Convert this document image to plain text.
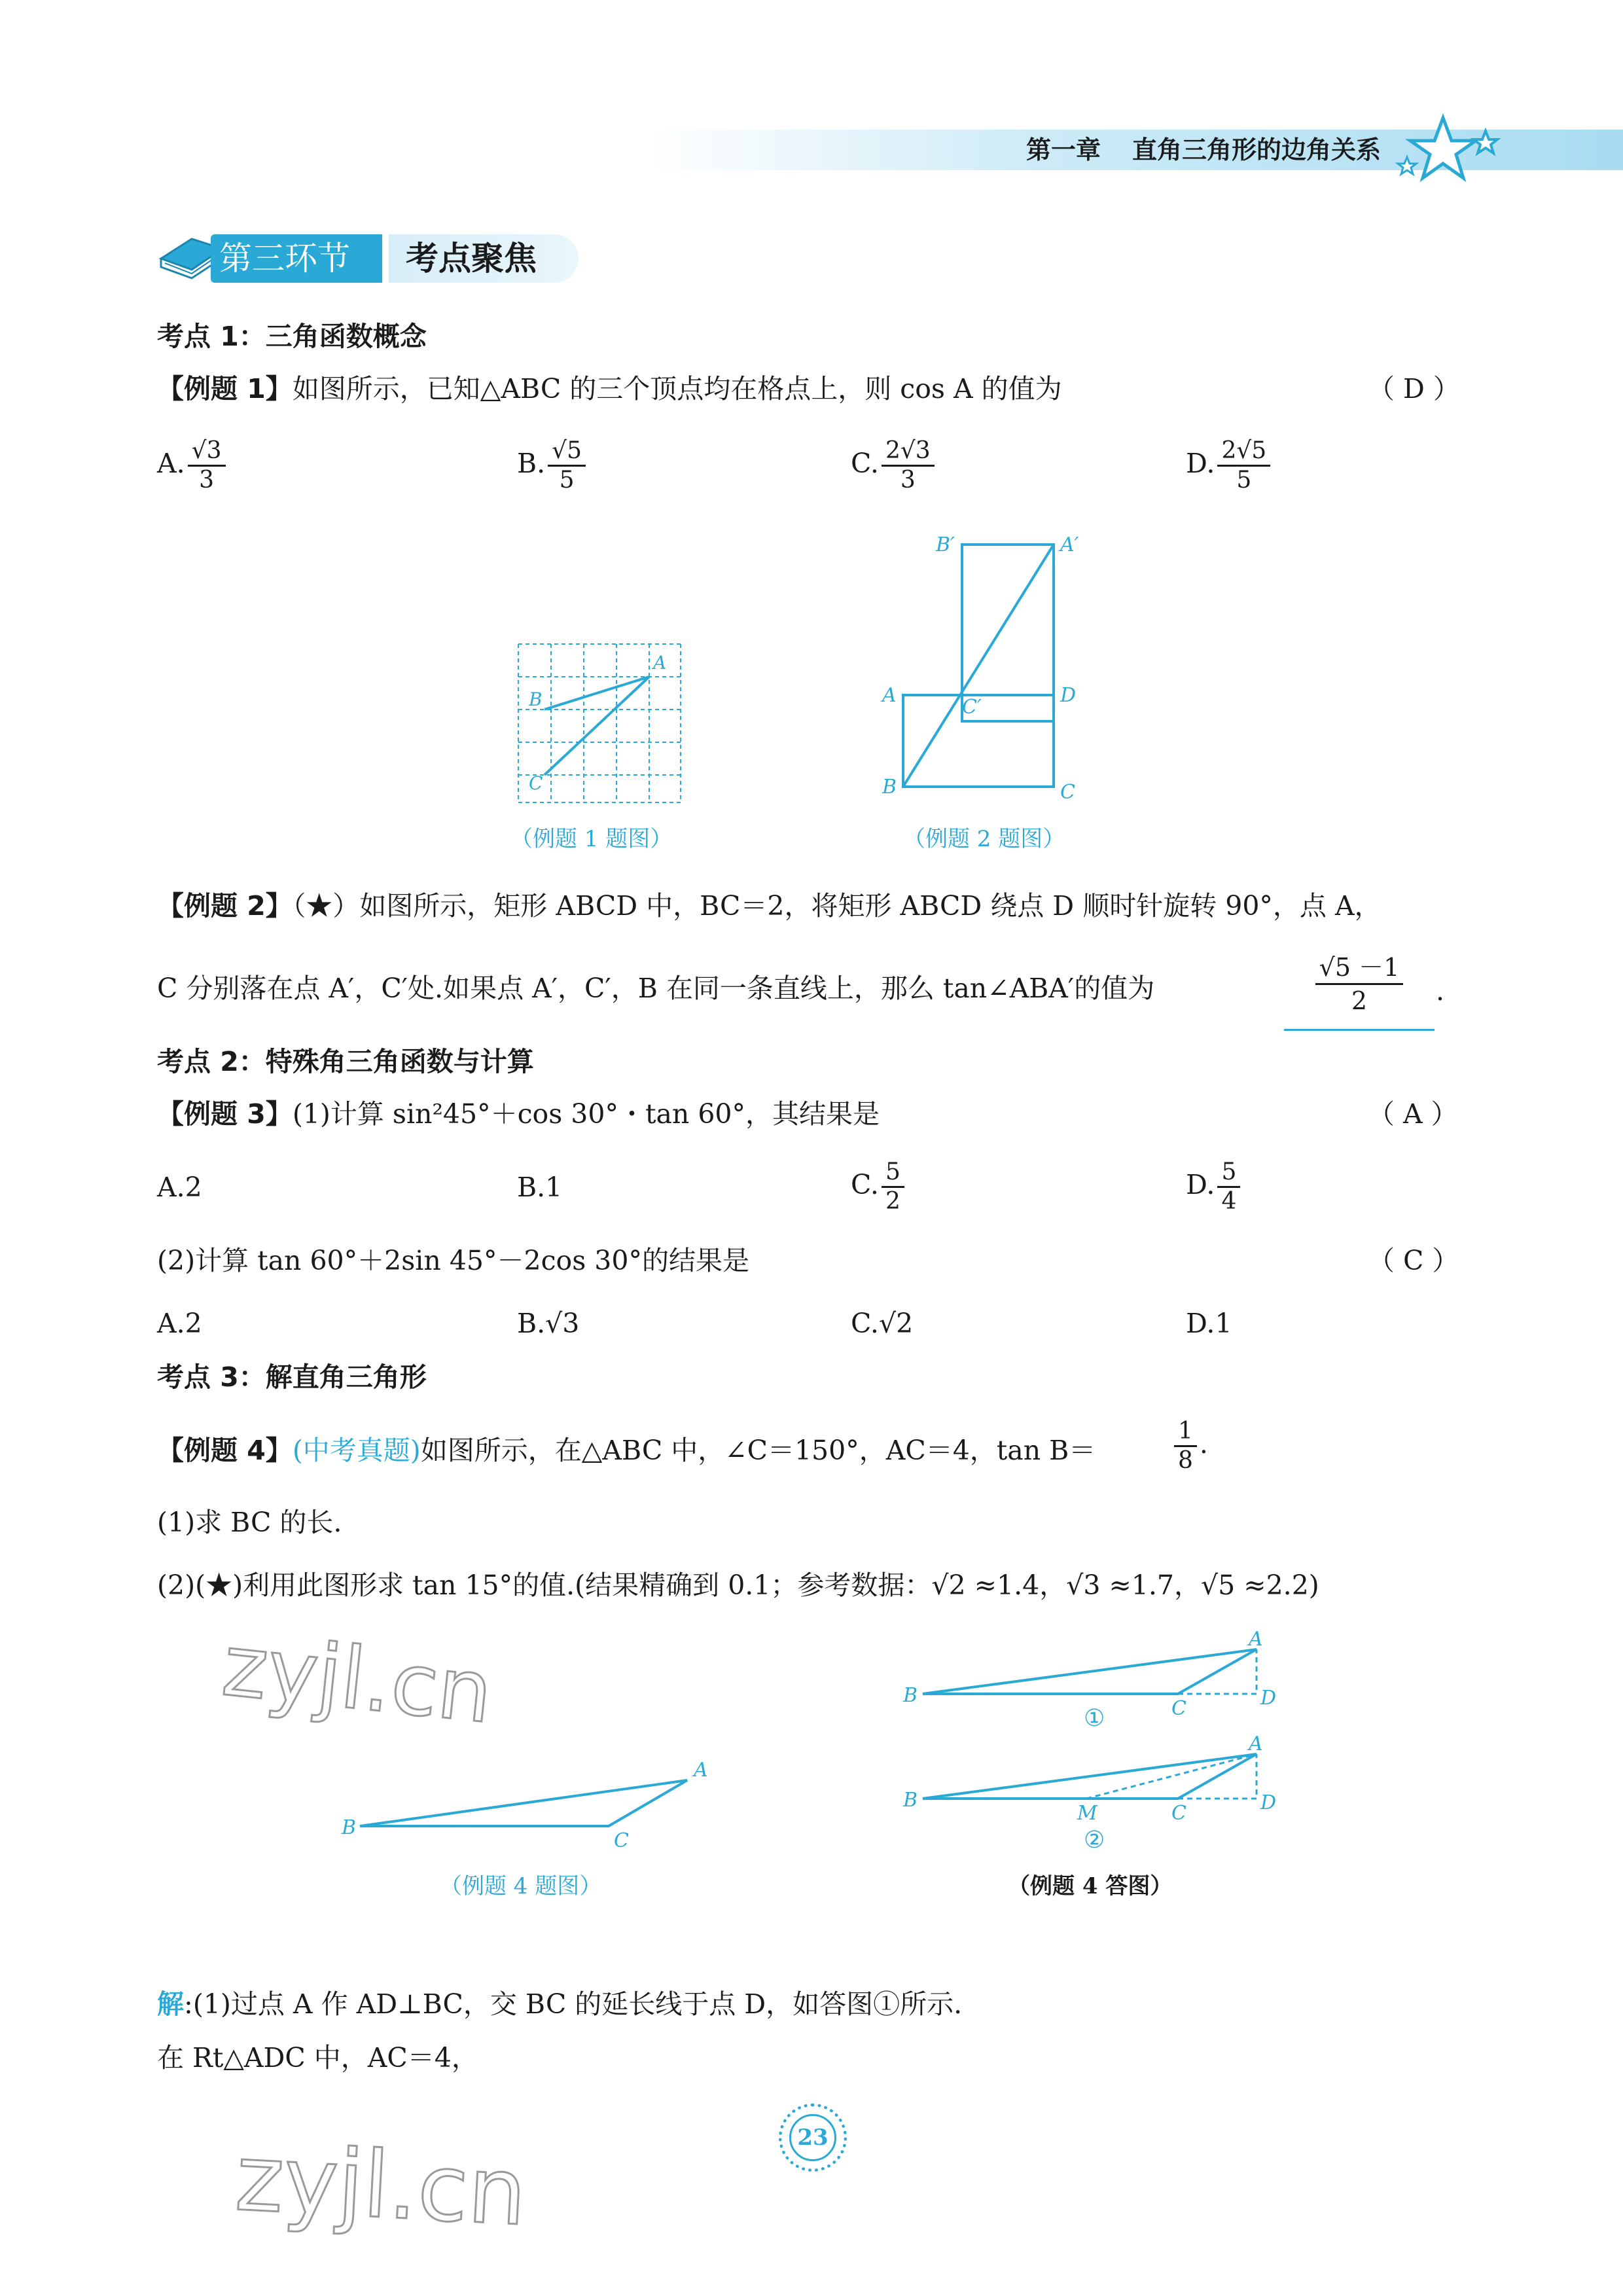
第一章 直角三角形的边角关系
第三环节 考点聚焦
考点 1：三角函数概念
【例题 1】如图所示，已知△ABC 的三个顶点均在格点上，则 cos A 的值为	（ D ）
A. $\frac{√3}{3}$	B. $\frac{√5}{5}$	C. $\frac{2√3}{3}$	D. $\frac{2√5}{5}$
A
B
C
（例题 1 题图）
B′	A′
A	D
C′
B	C
（例题 2 题图）
【例题 2】（★）如图所示，矩形 ABCD 中，BC＝2，将矩形 ABCD 绕点 D 顺时针旋转 90°，点 A，
C 分别落在点 A′，C′处.如果点 A′，C′，B 在同一条直线上，那么 tan∠ABA′的值为	$\frac{√5 -1}{2}$ .
考点 2：特殊角三角函数与计算
【例题 3】(1)计算 sin²45°＋cos 30°・tan 60°，其结果是	（ A ）
A.2	B.1	C. $\frac{5}{2}$	D. $\frac{5}{4}$
(2)计算 tan 60°＋2sin 45°－2cos 30°的结果是	（ C ）
A.2	B.√3	C.√2	D.1
考点 3：解直角三角形
【例题 4】(中考真题)如图所示，在△ABC 中，∠C＝150°，AC＝4，tan B＝	$\frac{1}{8}$ .
(1)求 BC 的长.
(2)(★)利用此图形求 tan 15°的值.(结果精确到 0.1；参考数据：√2 ≈1.4，√3 ≈1.7，√5 ≈2.2)
zyjl.cn
B
A
C
（例题 4 题图）
B
A
C	D
①
B
A
M	C	D
②
（例题 4 答图）
解:(1)过点 A 作 AD⊥BC，交 BC 的延长线于点 D，如答图①所示.
在 Rt△ADC 中，AC＝4，
23
zyjl.cn
